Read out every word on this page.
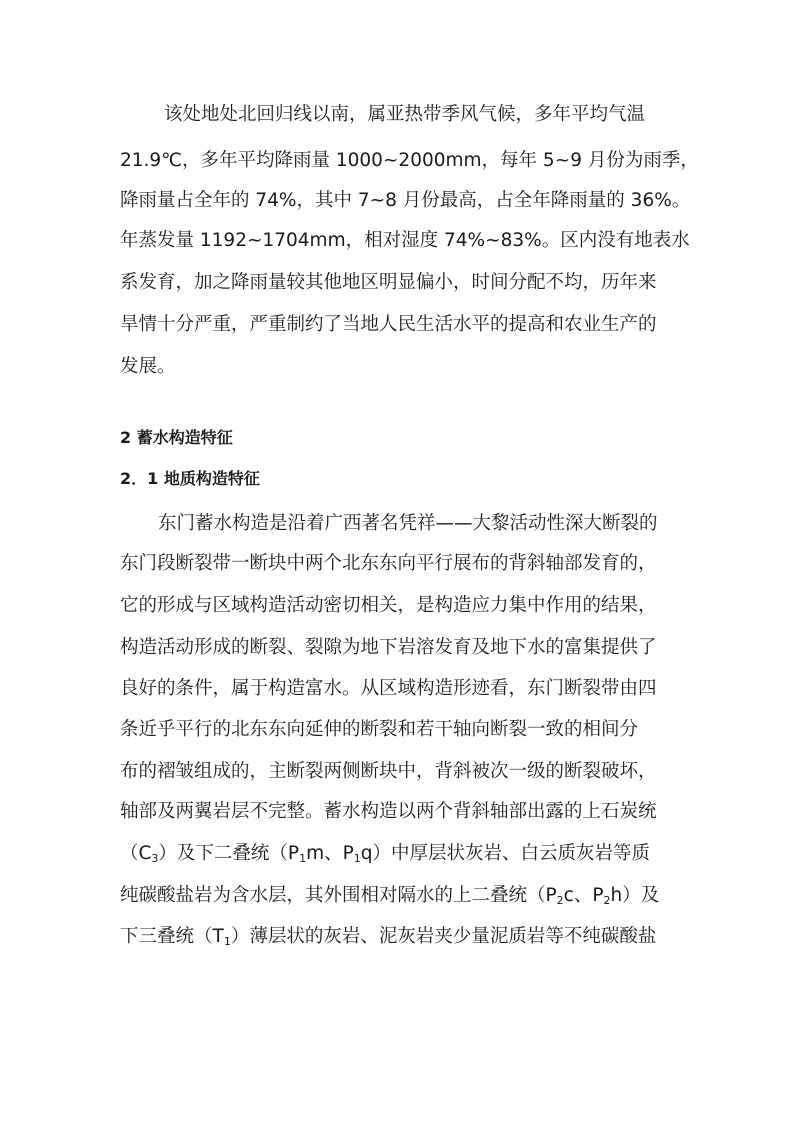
该处地处北回归线以南，属亚热带季风气候，多年平均气温
21.9℃，多年平均降雨量 1000~2000mm，每年 5~9 月份为雨季，
降雨量占全年的 74%，其中 7~8 月份最高，占全年降雨量的 36%。
年蒸发量 1192~1704mm，相对湿度 74%~83%。区内没有地表水
系发育，加之降雨量较其他地区明显偏小，时间分配不均，历年来
旱情十分严重，严重制约了当地人民生活水平的提高和农业生产的
发展。
2 蓄水构造特征
2．1 地质构造特征
东门蓄水构造是沿着广西著名凭祥——大黎活动性深大断裂的
东门段断裂带一断块中两个北东东向平行展布的背斜轴部发育的，
它的形成与区域构造活动密切相关，是构造应力集中作用的结果，
构造活动形成的断裂、裂隙为地下岩溶发育及地下水的富集提供了
良好的条件，属于构造富水。从区域构造形迹看，东门断裂带由四
条近乎平行的北东东向延伸的断裂和若干轴向断裂一致的相间分
布的褶皱组成的，主断裂两侧断块中，背斜被次一级的断裂破坏，
轴部及两翼岩层不完整。蓄水构造以两个背斜轴部出露的上石炭统
$(C_3)$及下二叠统（$P_1m$、$P_1q$）中厚层状灰岩、白云质灰岩等质
纯碳酸盐岩为含水层，其外围相对隔水的上二叠统（$P_2c$、$P_2h$）及
下三叠统$(T_1)$薄层状的灰岩、泥灰岩夹少量泥质岩等不纯碳酸盐
